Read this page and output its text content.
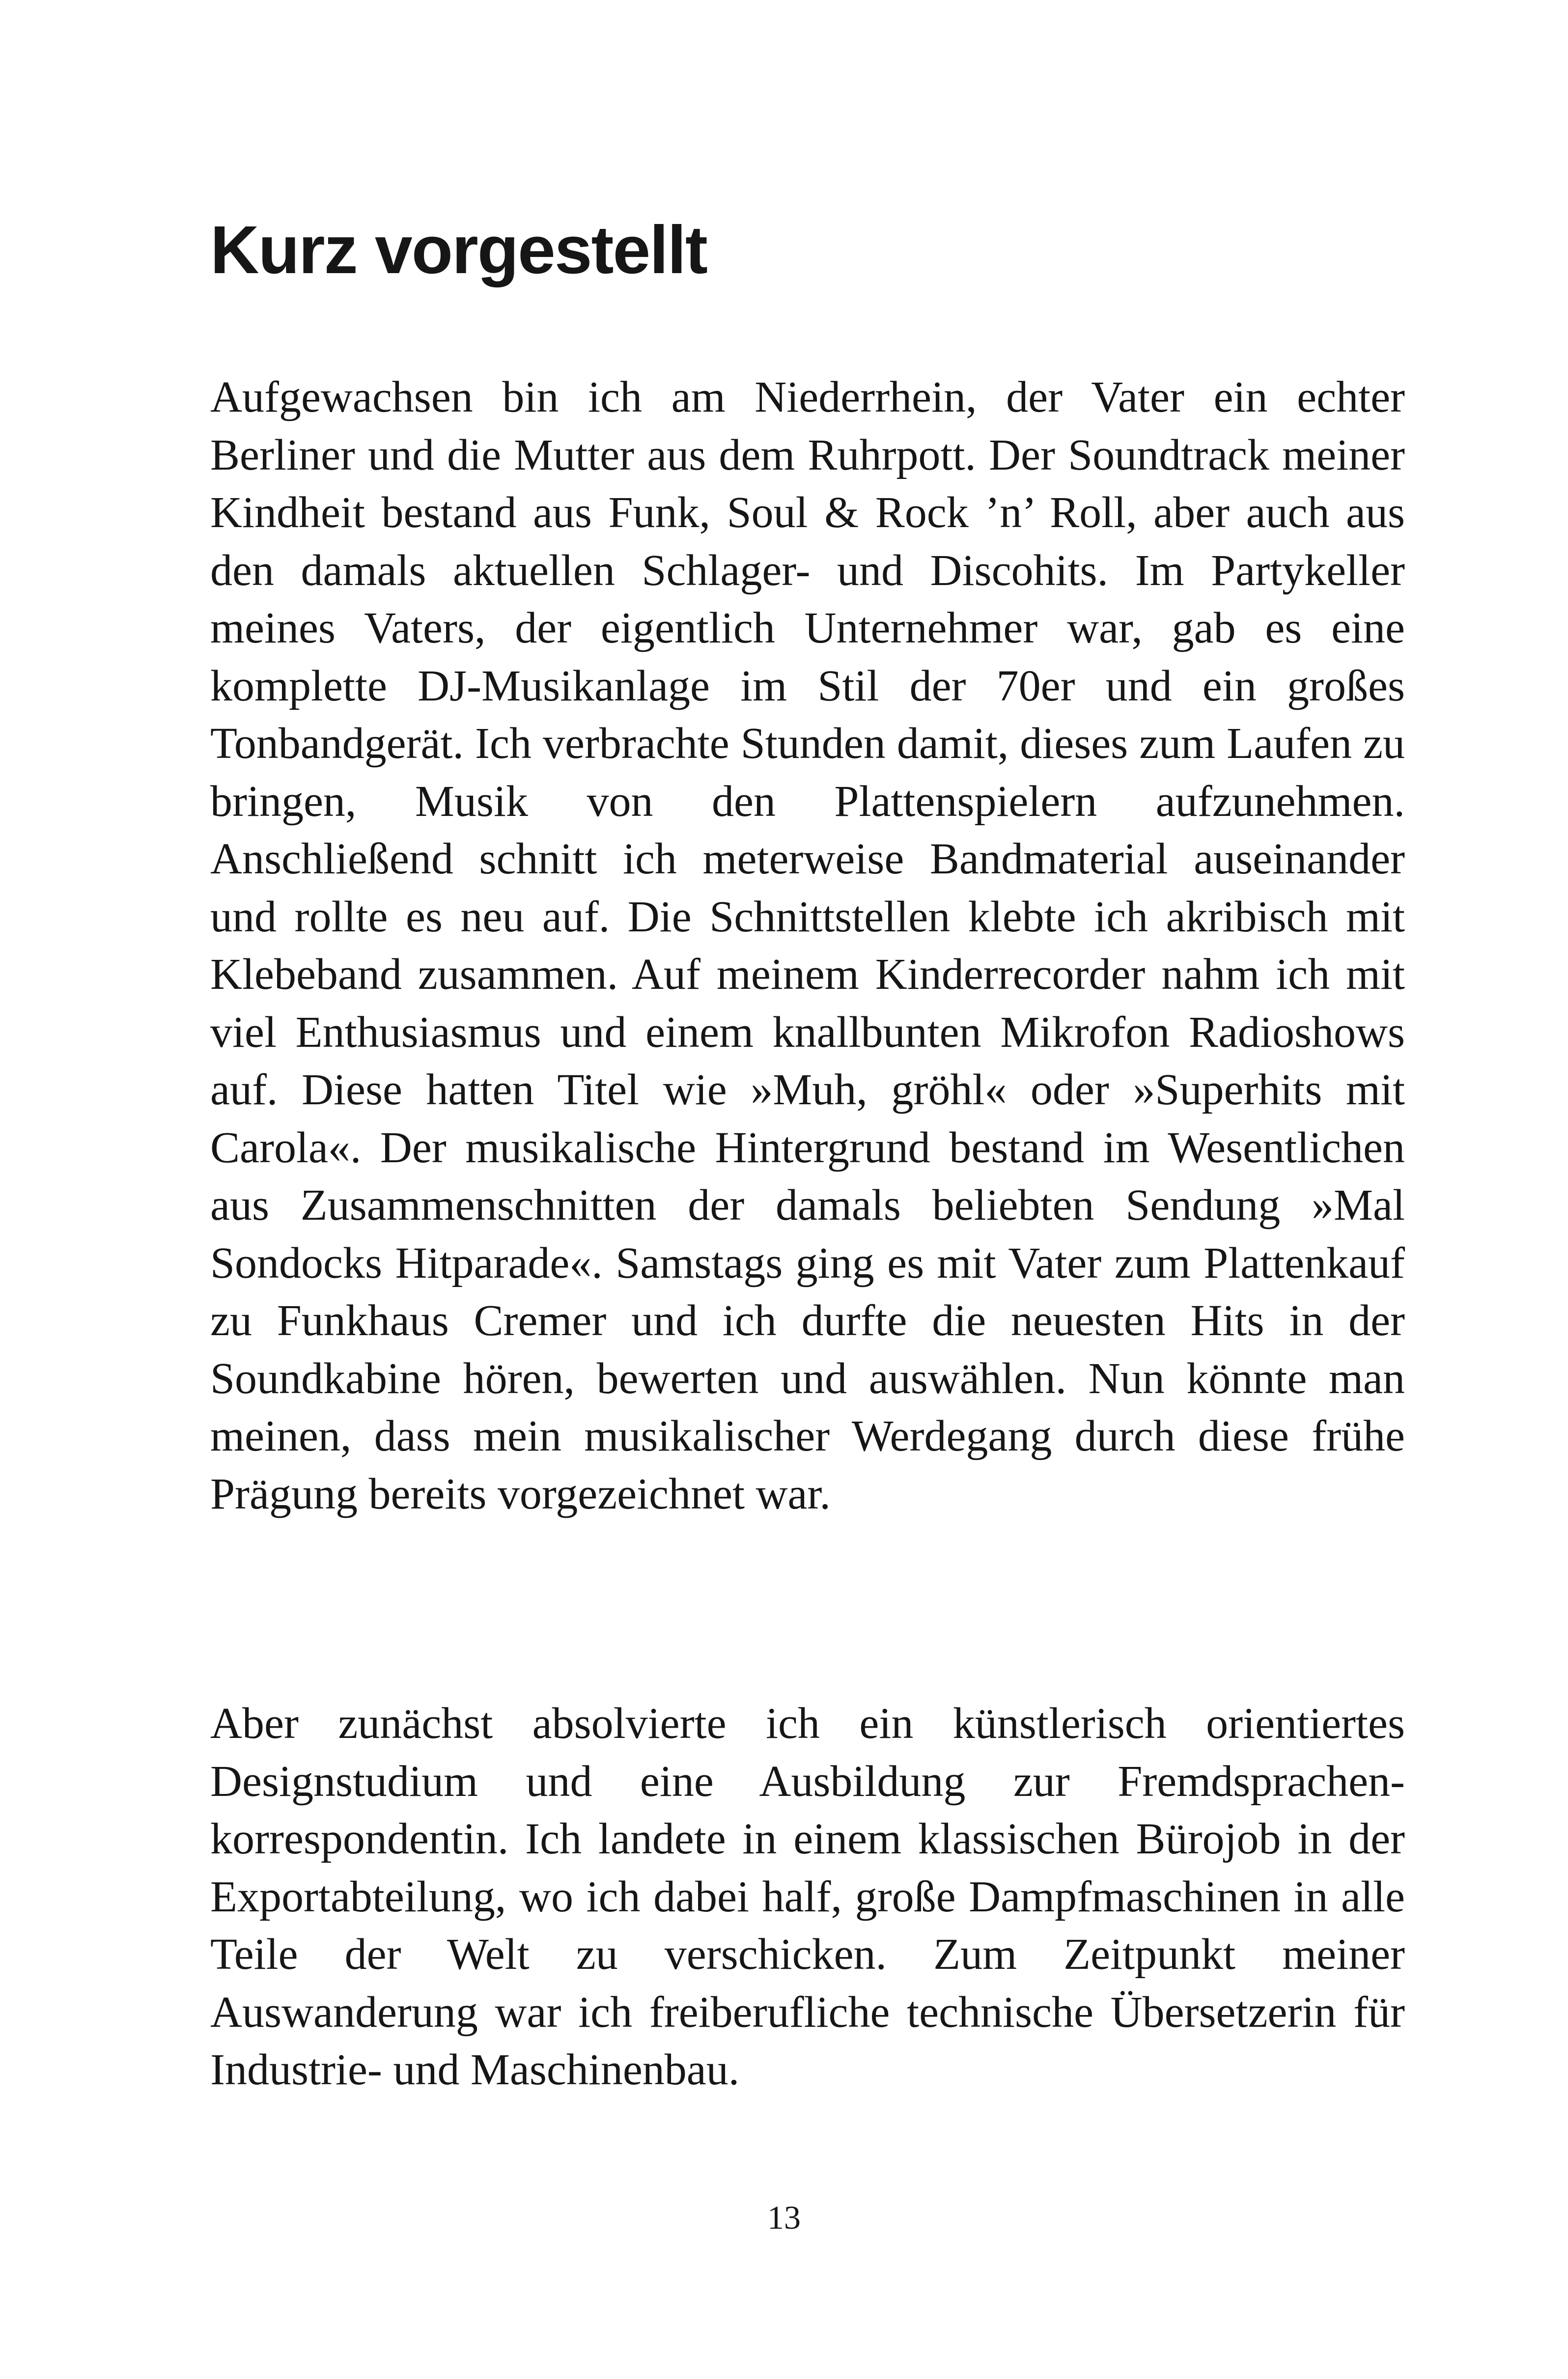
Kurz vorgestellt

Aufgewachsen bin ich am Niederrhein, der Vater ein echter Berliner und die Mutter aus dem Ruhrpott. Der Soundtrack meiner Kindheit bestand aus Funk, Soul & Rock ’n’ Roll, aber auch aus den damals aktuellen Schlager- und Discohits. Im Partykeller meines Vaters, der eigentlich Unternehmer war, gab es eine komplette DJ-Musikanlage im Stil der 70er und ein großes Tonbandgerät. Ich verbrachte Stunden damit, dieses zum Laufen zu bringen, Musik von den Plattenspielern aufzunehmen. Anschließend schnitt ich meterweise Bandmaterial auseinander und rollte es neu auf. Die Schnittstellen klebte ich akribisch mit Klebeband zusammen. Auf meinem Kinderrecorder nahm ich mit viel Enthusiasmus und einem knallbunten Mikrofon Radioshows auf. Diese hatten Titel wie »Muh, gröhl« oder »Superhits mit Carola«. Der musikalische Hintergrund bestand im Wesentlichen aus Zusammenschnitten der damals beliebten Sendung »Mal Sondocks Hitparade«. Samstags ging es mit Vater zum Plattenkauf zu Funkhaus Cremer und ich durfte die neuesten Hits in der Soundkabine hören, bewerten und auswählen. Nun könnte man meinen, dass mein musikalischer Werdegang durch diese frühe Prägung bereits vorgezeichnet war.

Aber zunächst absolvierte ich ein künstlerisch orientiertes Designstudium und eine Ausbildung zur Fremdsprachenkorrespondentin. Ich landete in einem klassischen Bürojob in der Exportabteilung, wo ich dabei half, große Dampfmaschinen in alle Teile der Welt zu verschicken. Zum Zeitpunkt meiner Auswanderung war ich freiberufliche technische Übersetzerin für Industrie- und Maschinenbau.

13
